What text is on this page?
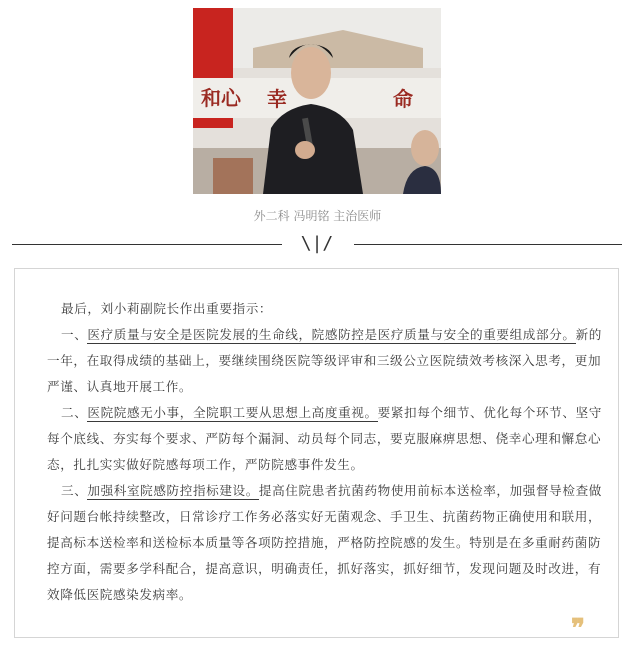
和心 幸	命
外二科 冯明铭 主治医师
\|/

最后，刘小莉副院长作出重要指示：

一、医疗质量与安全是医院发展的生命线，院感防控是医疗质量与安全的重要组成部分。新的一年，在取得成绩的基础上，要继续围绕医院等级评审和三级公立医院绩效考核深入思考，更加严谨、认真地开展工作。

二、医院院感无小事，全院职工要从思想上高度重视。要紧扣每个细节、优化每个环节、坚守每个底线、夯实每个要求、严防每个漏洞、动员每个同志，要克服麻痹思想、侥幸心理和懈怠心态，扎扎实实做好院感每项工作，严防院感事件发生。

三、加强科室院感防控指标建设。提高住院患者抗菌药物使用前标本送检率，加强督导检查做好问题台帐持续整改，日常诊疗工作务必落实好无菌观念、手卫生、抗菌药物正确使用和联用，提高标本送检率和送检标本质量等各项防控措施，严格防控院感的发生。特别是在多重耐药菌防控方面，需要多学科配合，提高意识，明确责任，抓好落实，抓好细节，发现问题及时改进，有效降低医院感染发病率。

❞
